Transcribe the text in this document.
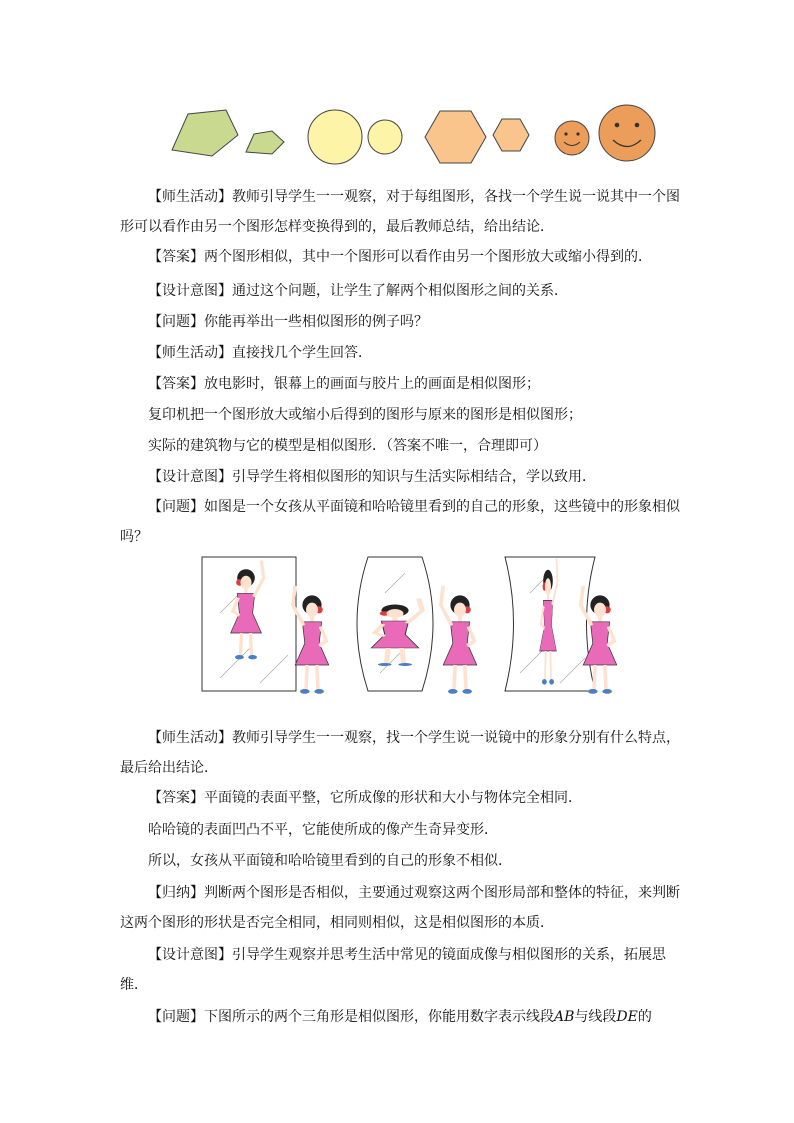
【师生活动】教师引导学生一一观察，对于每组图形，各找一个学生说一说其中一个图形可以看作由另一个图形怎样变换得到的，最后教师总结，给出结论．

【答案】两个图形相似，其中一个图形可以看作由另一个图形放大或缩小得到的．

【设计意图】通过这个问题，让学生了解两个相似图形之间的关系．

【问题】你能再举出一些相似图形的例子吗？

【师生活动】直接找几个学生回答．

【答案】放电影时，银幕上的画面与胶片上的画面是相似图形；

复印机把一个图形放大或缩小后得到的图形与原来的图形是相似图形；

实际的建筑物与它的模型是相似图形．（答案不唯一，合理即可）

【设计意图】引导学生将相似图形的知识与生活实际相结合，学以致用．

【问题】如图是一个女孩从平面镜和哈哈镜里看到的自己的形象，这些镜中的形象相似吗？

【师生活动】教师引导学生一一观察，找一个学生说一说镜中的形象分别有什么特点，最后给出结论．

【答案】平面镜的表面平整，它所成像的形状和大小与物体完全相同．

哈哈镜的表面凹凸不平，它能使所成的像产生奇异变形．

所以，女孩从平面镜和哈哈镜里看到的自己的形象不相似．

【归纳】判断两个图形是否相似，主要通过观察这两个图形局部和整体的特征，来判断这两个图形的形状是否完全相同，相同则相似，这是相似图形的本质．

【设计意图】引导学生观察并思考生活中常见的镜面成像与相似图形的关系，拓展思维．

【问题】下图所示的两个三角形是相似图形，你能用数字表示线段AB与线段DE的
